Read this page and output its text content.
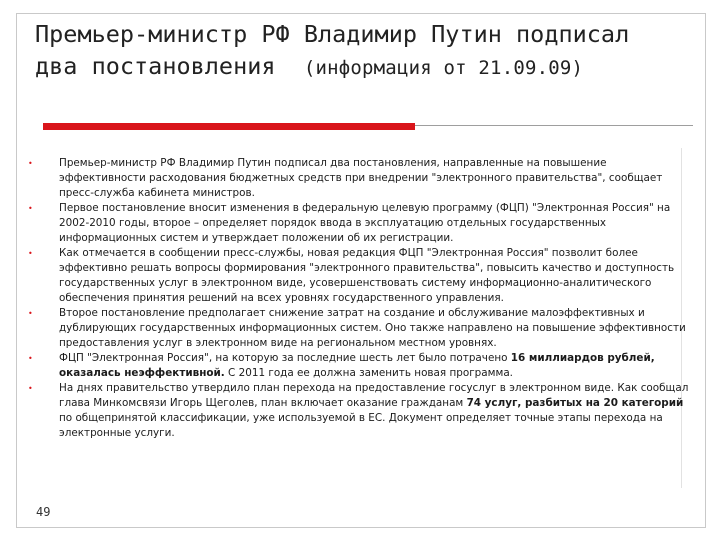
Премьер-министр РФ Владимир Путин подписал
два постановления (информация от 21.09.09)
•	Премьер-министр РФ Владимир Путин подписал два постановления, направленные на повышение эффективности расходования бюджетных средств при внедрении "электронного правительства", сообщает пресс-служба кабинета министров.
•	Первое постановление вносит изменения в федеральную целевую программу (ФЦП) "Электронная Россия" на 2002-2010 годы, второе – определяет порядок ввода в эксплуатацию отдельных государственных информационных систем и утверждает положении об их регистрации.
•	Как отмечается в сообщении пресс-службы, новая редакция ФЦП "Электронная Россия" позволит более эффективно решать вопросы формирования "электронного правительства", повысить качество и доступность государственных услуг в электронном виде, усовершенствовать систему информационно-аналитического обеспечения принятия решений на всех уровнях государственного управления.
•	Второе постановление предполагает снижение затрат на создание и обслуживание малоэффективных и дублирующих государственных информационных систем. Оно также направлено на повышение эффективности предоставления услуг в электронном виде на региональном местном уровнях.
•	ФЦП "Электронная Россия", на которую за последние шесть лет было потрачено 16 миллиардов рублей, оказалась неэффективной. С 2011 года ее должна заменить новая программа.
•	На днях правительство утвердило план перехода на предоставление госуслуг в электронном виде. Как сообщал глава Минкомсвязи Игорь Щеголев, план включает оказание гражданам 74 услуг, разбитых на 20 категорий по общепринятой классификации, уже используемой в ЕС. Документ определяет точные этапы перехода на электронные услуги.
49
